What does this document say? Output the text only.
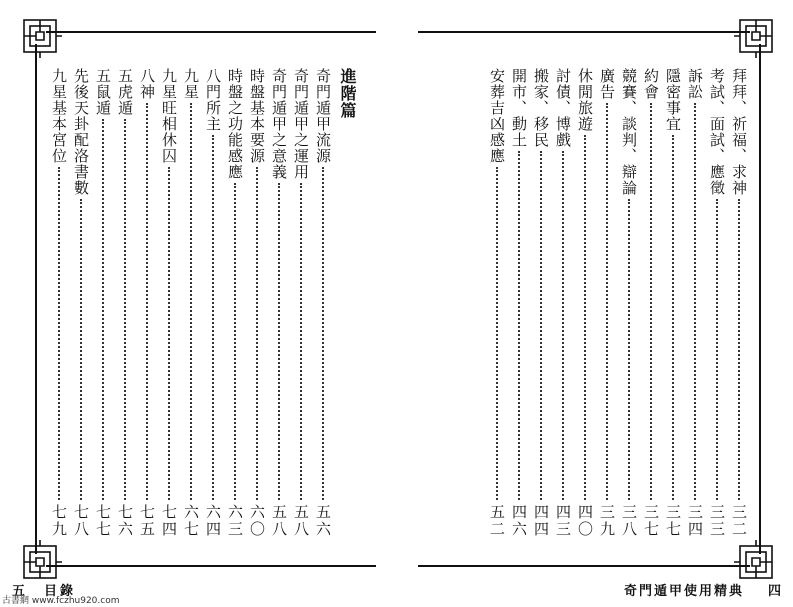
進階篇
奇門遁甲流源
五六
奇門遁甲之運用
五八
奇門遁甲之意義
五八
時盤基本要源
六〇
時盤之功能感應
六三
八門所主
六四
九星
六七
九星旺相休囚
七四
八神
七五
五虎遁
七六
五鼠遁
七七
先後天卦配洛書數
七八
九星基本宮位
七九
拜拜、祈福、求神
三二
考試、面試、應徵
三三
訴訟
三四
隱密事宜
三七
約會
三七
競賽、談判、辯論
三八
廣告
三九
休閒旅遊
四〇
討債、博戲
四三
搬家、移民
四四
開市、動土
四六
安葬吉凶感應
五二
五　目錄	奇門遁甲使用精典 四
古書網 www.fczhu920.com
